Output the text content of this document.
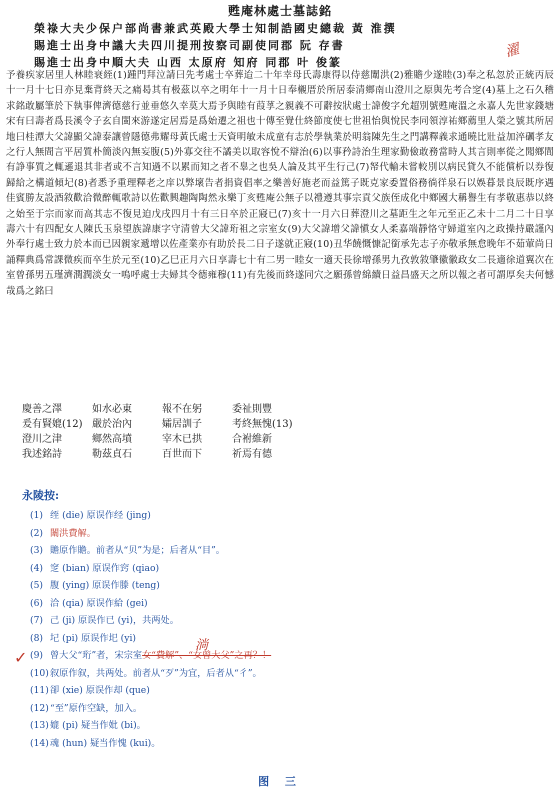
甦庵林處士墓誌銘
榮祿大夫少保户部尚書兼武英殿大學士知制誥國史總裁 黃 淮撰
賜進士出身中議大夫四川提刑按察司副使同郡 阮 存書
賜進士出身中順大夫 山西 太原府 知府 同郡 叶 俊篆
濯
予養疾家居里人林睦衰絰(1)踵門拜泣請曰先考處士卒葬迨二十年幸母氏壽康得以侍慈闈洪(2)雅贍少遂睦(3)奉之私忽於正統丙辰十一月十七日亦見棄背終天之痛曷其有极茲以卒之明年十一月十日奉櫬厝於所居泰清鄉南山澄川之原與先考合窆(4)墓上之石久稽求銘敢屬筆於下執事俾濟德慈行並垂悠久幸莫大焉予與睦有葭莩之親義不可辭按狀處士諱俊字允超別號甦庵溫之永嘉人先世家錢塘宋有曰壽者爲長溪令子玄自閩來游遂定居焉是爲始遷之祖也十傳至覺仕終節度使七世祖怡與悅民李同領淳祐鄉薦里人榮之號其所居地曰桂潭大父諱顯父諱泰讓曾隱德弗耀母黃氏處士天資明敏未成童有志於學執業於明翁陳先生之門講釋義求通曉比壯益加淬礪孝友之行人無間言平居質朴簡淡內無妄腹(5)外寡交往不譎美以取容悅不辯治(6)以事矜詩治生理家勤儉敢務當時人其言則率從之聞鄉閭有諍事質之輒遜退其非者或不言知過不以累而知之者不辠之也吳人論及其平生行己(7)帑代輸未嘗較別以病民貸久不能償析以券復歸給之構道傾圮(8)者悉予重理釋老之庠以弊壞告者捐資倡率之樂善好施老而益篤子既克家委置俗務徜徉泉石以娛暮景良辰既序遇佳賓勝友設酒敘歡洽微醉輒歌詩以佐歡興趣陶陶然永樂丁亥甦庵公無子以禮遵其事宗貢父族侄成化中鄉國大稱譽生有孝敬惠恭以終之始至于宗而家而高其志不復見迫戊戌四月十有三日卒於正寢已(7)亥十一月六日葬澄川之墓距生之年元至正乙未十二月二十日享壽六十有四配女人陳氏玉泉望族諱康字守清曾大父諱珩祖之宗室女(9)大父諱增父諱愼女人柔嘉端靜恪守婦道室內之政操持嚴謹內外奉行處士致力於本而已因親家遞增以佐產業亦有助於長二日子遂就正寢(10)丑华饒慨慷記銜承先志子亦敬承無怠晚年不茹葷尚日誦釋典爲常課微疾而卒生於元至(10)乙巳正月六日享壽七十有二男一睦女一適天長徐增孫男九孜敦敘肇徽徽政女二長適徐道翼次在室曾孫男五瑾濟潤潤淡女一嗚呼處士夫婦其令德雍穆(11)有先後而終遂同穴之願孫曾綿續日益昌盛天之所以報之者可謂厚矣夫何憾哉爲之銘曰
慶善之澤	如水必東	報不在躬	委祉則豐
爰有賢媲(12) 嚴於治內	孀居訓子	考終無愧(13)
澄川之津	鄉然高墳	宰木已拱	合袝維新
我述銘詩	勒茲貞石	百世而下	祈焉有德
永陵按:
(1) 绖 (die) 原误作经 (jing)
(2) 闈洪費解。
(3) 贍原作贍。前者从“贝”为是；后者从“目”。
(4) 窆 (bian) 原误作窍 (qiao)
(5) 腹 (ying) 原误作滕 (teng)
(6) 洽 (qia) 原误作給 (gei)
(7) 己 (ji) 原误作已 (yi)，共两处。
(8) 圮 (pi) 原误作圯 (yi)
(9) 曾大父“珩”者，宋宗室女“費解”、“女曾大父”之再？！
(10)叙原作叙，共两处。前者从“歹”为宜，后者从“彳”。
(11)卻 (xie) 原误作却 (que)
(12)“至”原作空缺，加入。
(13)媲 (pi) 疑当作妣 (bi)。
(14)魂 (hun) 疑当作愧 (kui)。
✓
淌
图 三
